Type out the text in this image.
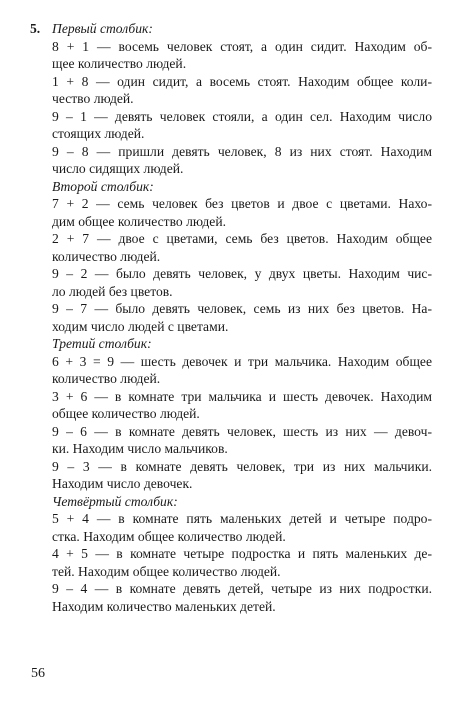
5. Первый столбик:
8 + 1 — восемь человек стоят, а один сидит. Находим об-
щее количество людей.
1 + 8 — один сидит, а восемь стоят. Находим общее коли-
чество людей.
9 – 1 — девять человек стояли, а один сел. Находим число
стоящих людей.
9 – 8 — пришли девять человек, 8 из них стоят. Находим
число сидящих людей.
Второй столбик:
7 + 2 — семь человек без цветов и двое с цветами. Нахо-
дим общее количество людей.
2 + 7 — двое с цветами, семь без цветов. Находим общее
количество людей.
9 – 2 — было девять человек, у двух цветы. Находим чис-
ло людей без цветов.
9 – 7 — было девять человек, семь из них без цветов. На-
ходим число людей с цветами.
Третий столбик:
6 + 3 = 9 — шесть девочек и три мальчика. Находим общее
количество людей.
3 + 6 — в комнате три мальчика и шесть девочек. Находим
общее количество людей.
9 – 6 — в комнате девять человек, шесть из них — девоч-
ки. Находим число мальчиков.
9 – 3 — в комнате девять человек, три из них мальчики.
Находим число девочек.
Четвёртый столбик:
5 + 4 — в комнате пять маленьких детей и четыре подро-
стка. Находим общее количество людей.
4 + 5 — в комнате четыре подростка и пять маленьких де-
тей. Находим общее количество людей.
9 – 4 — в комнате девять детей, четыре из них подростки.
Находим количество маленьких детей.
56
